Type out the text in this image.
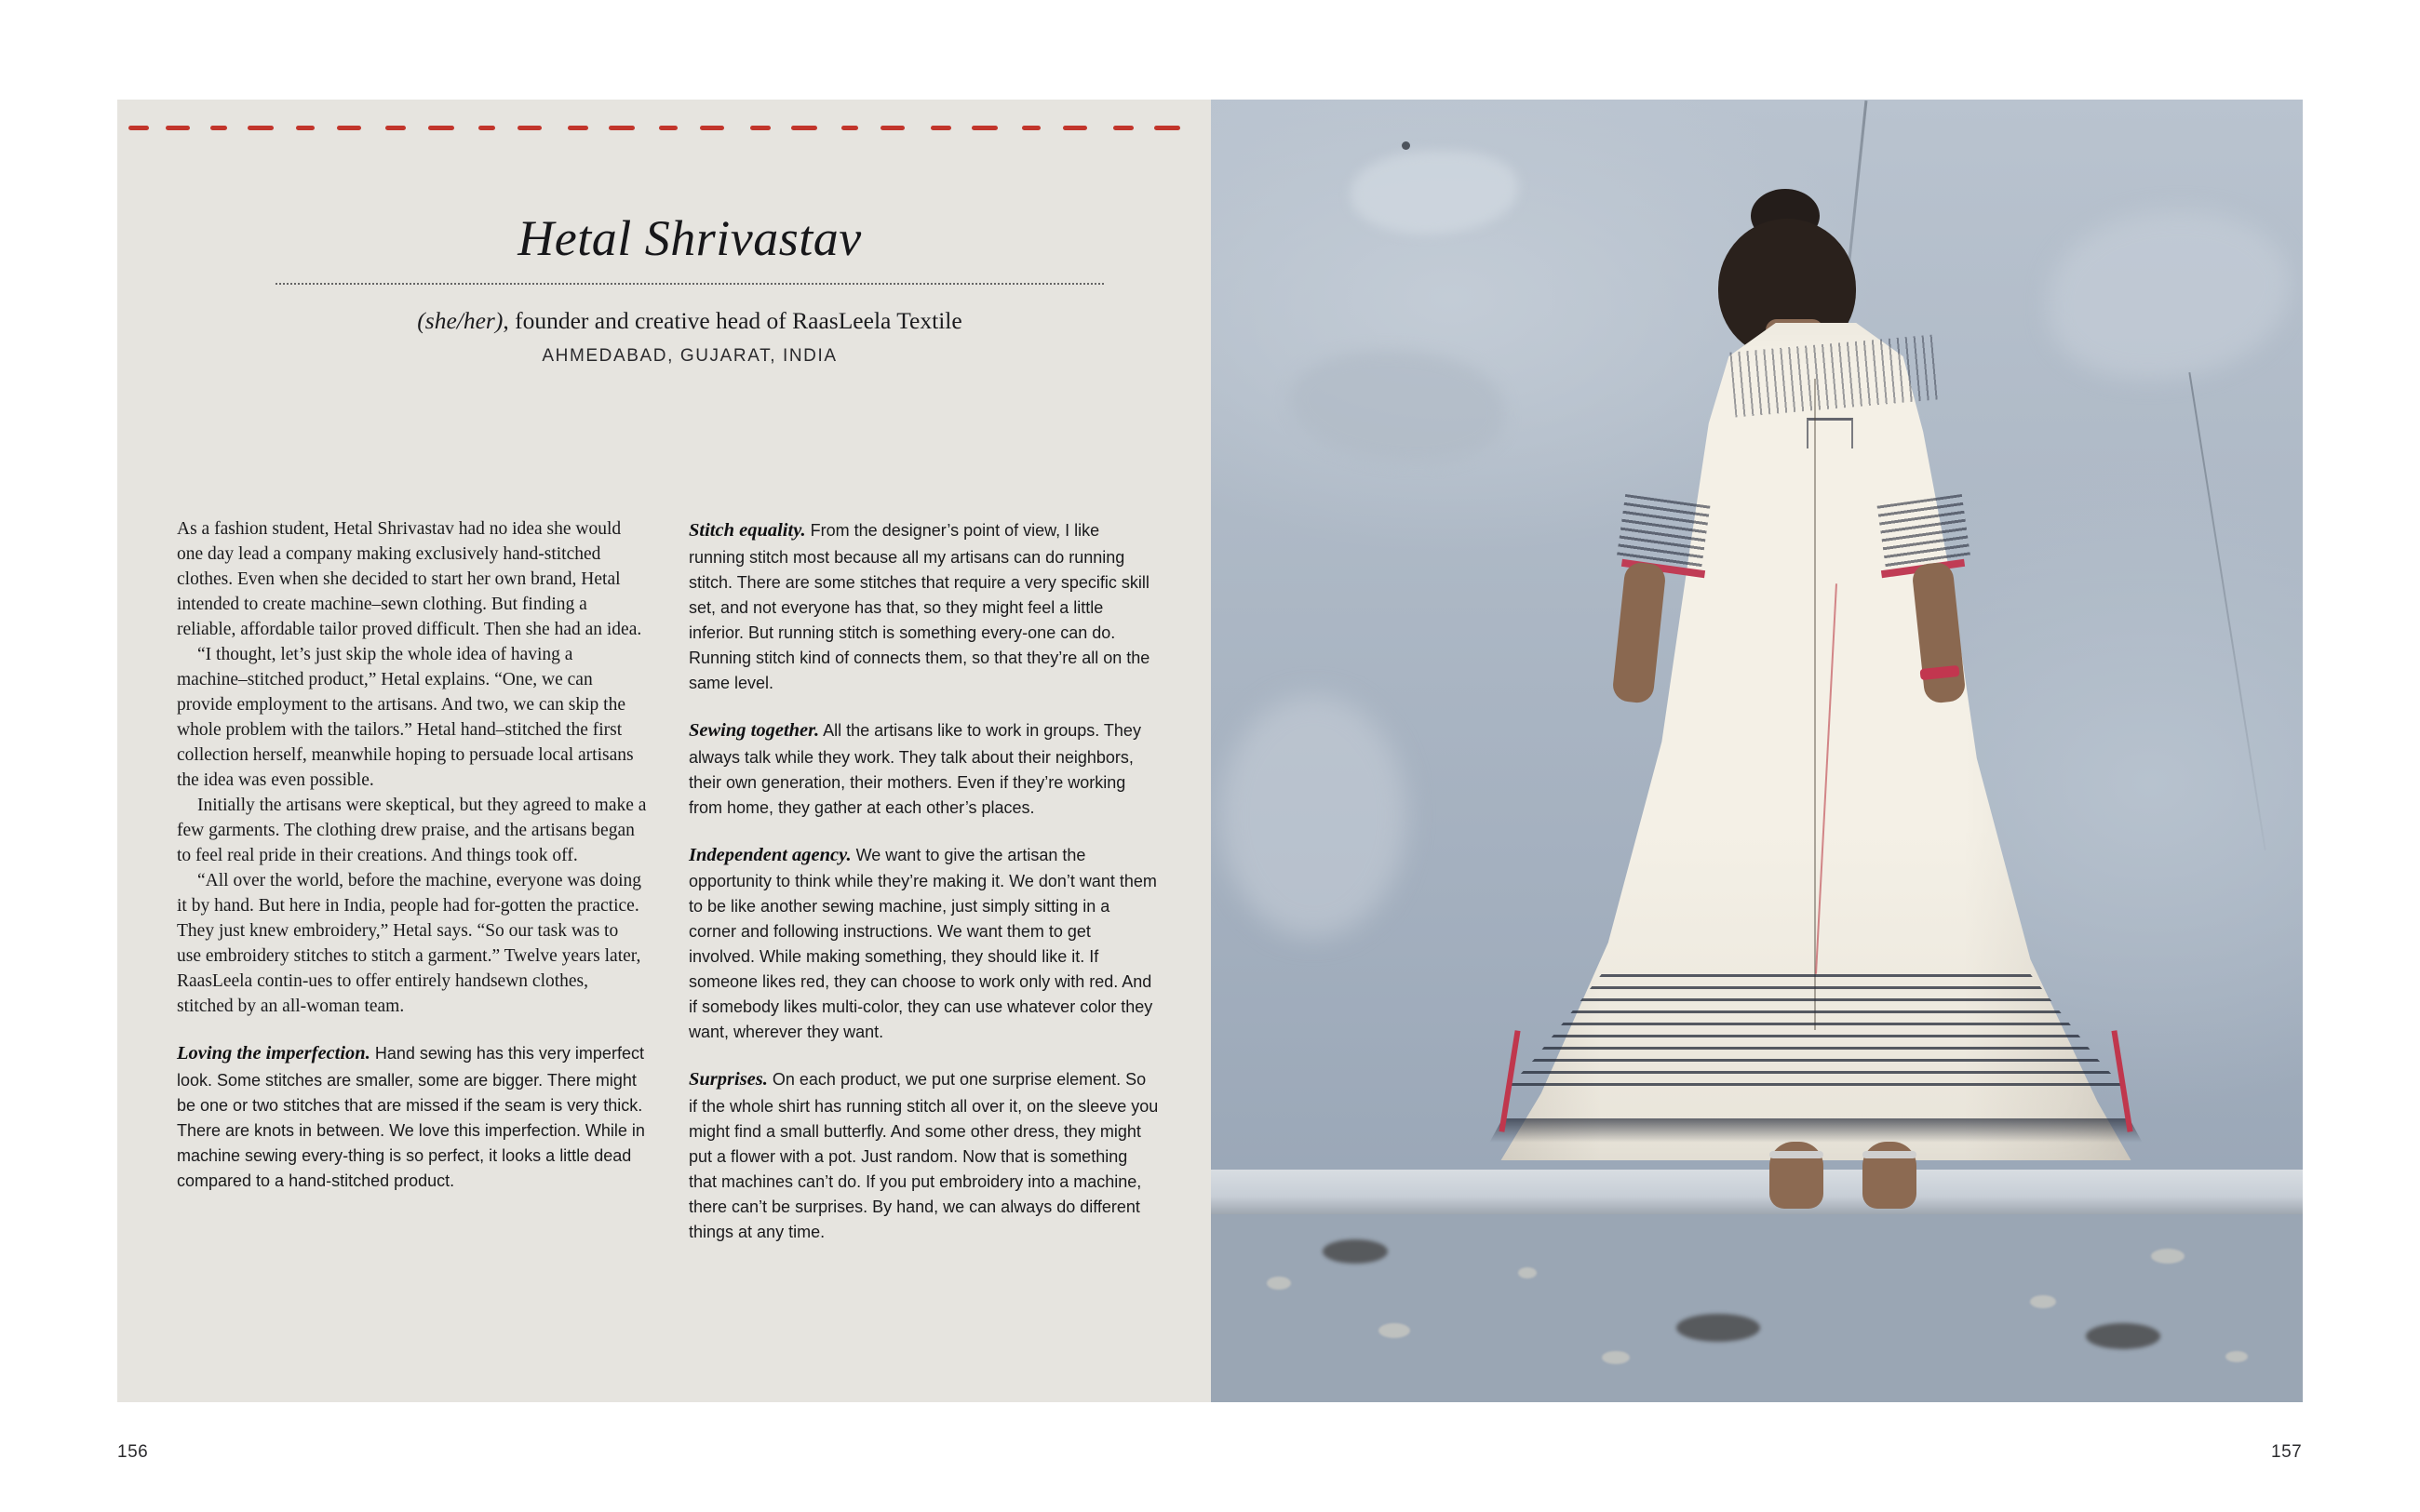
Hetal Shrivastav

(she/her), founder and creative head of RaasLeela Textile

AHMEDABAD, GUJARAT, INDIA

As a fashion student, Hetal Shrivastav had no idea she would one day lead a company making exclusively hand-stitched clothes. Even when she decided to start her own brand, Hetal intended to create machine–sewn clothing. But finding a reliable, affordable tailor proved difficult. Then she had an idea.

“I thought, let’s just skip the whole idea of having a machine–stitched product,” Hetal explains. “One, we can provide employment to the artisans. And two, we can skip the whole problem with the tailors.” Hetal hand–stitched the first collection herself, meanwhile hoping to persuade local artisans the idea was even possible.

Initially the artisans were skeptical, but they agreed to make a few garments. The clothing drew praise, and the artisans began to feel real pride in their creations. And things took off.

“All over the world, before the machine, everyone was doing it by hand. But here in India, people had for-gotten the practice. They just knew embroidery,” Hetal says. “So our task was to use embroidery stitches to stitch a garment.” Twelve years later, RaasLeela contin-ues to offer entirely handsewn clothes, stitched by an all-woman team.

Loving the imperfection. Hand sewing has this very imperfect look. Some stitches are smaller, some are bigger. There might be one or two stitches that are missed if the seam is very thick. There are knots in between. We love this imperfection. While in machine sewing every-thing is so perfect, it looks a little dead compared to a hand-stitched product.

Stitch equality. From the designer’s point of view, I like running stitch most because all my artisans can do running stitch. There are some stitches that require a very specific skill set, and not everyone has that, so they might feel a little inferior. But running stitch is something every-one can do. Running stitch kind of connects them, so that they’re all on the same level.

Sewing together. All the artisans like to work in groups. They always talk while they work. They talk about their neighbors, their own generation, their mothers. Even if they’re working from home, they gather at each other’s places.

Independent agency. We want to give the artisan the opportunity to think while they’re making it. We don’t want them to be like another sewing machine, just simply sitting in a corner and following instructions. We want them to get involved. While making something, they should like it. If someone likes red, they can choose to work only with red. And if somebody likes multi-color, they can use whatever color they want, wherever they want.

Surprises. On each product, we put one surprise element. So if the whole shirt has running stitch all over it, on the sleeve you might find a small butterfly. And some other dress, they might put a flower with a pot. Just random. Now that is something that machines can’t do. If you put embroidery into a machine, there can’t be surprises. By hand, we can always do different things at any time.

156	157
